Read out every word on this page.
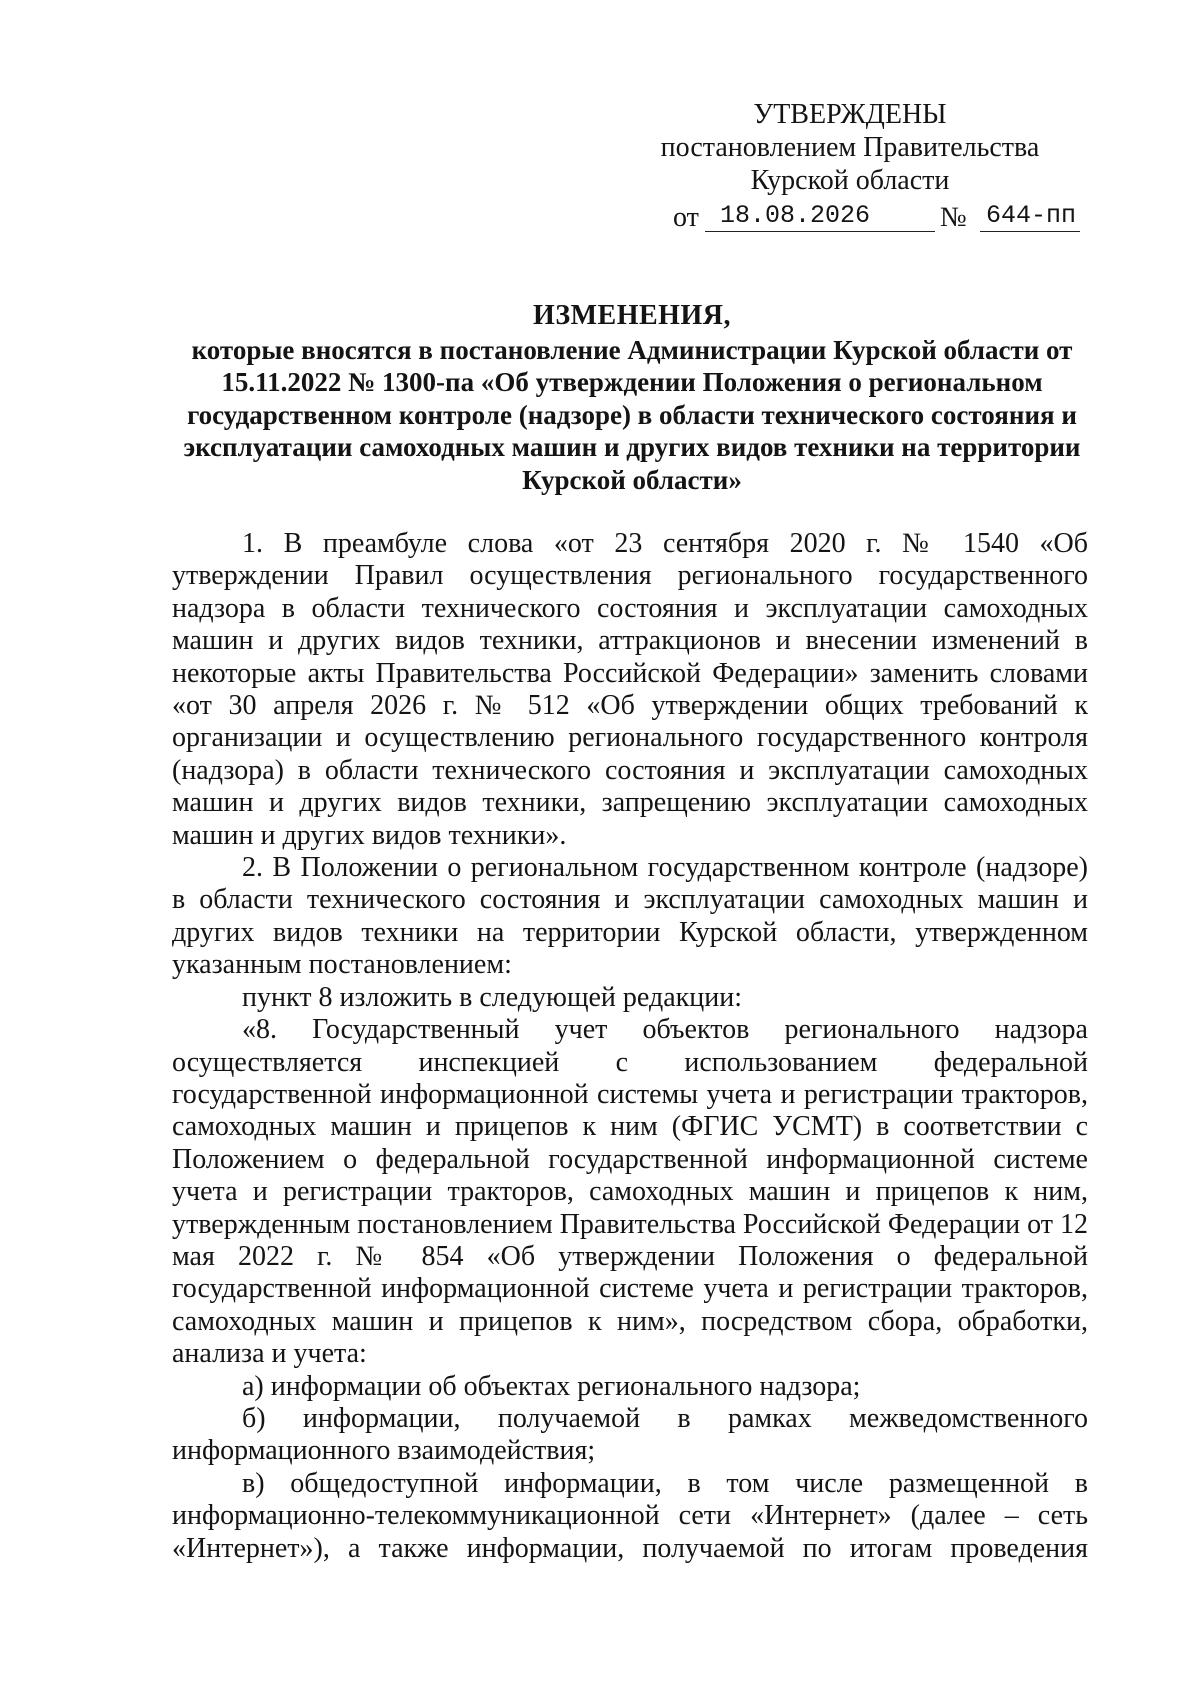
УТВЕРЖДЕНЫ
постановлением Правительства
Курской области
от 18.08.2026	№ 644-пп
ИЗМЕНЕНИЯ,
которые вносятся в постановление Администрации Курской области от 15.11.2022 № 1300-па «Об утверждении Положения о региональном государственном контроле (надзоре) в области технического состояния и эксплуатации самоходных машин и других видов техники на территории Курской области»

1. В преамбуле слова «от 23 сентября 2020 г. № 1540 «Об утверждении Правил осуществления регионального государственного надзора в области технического состояния и эксплуатации самоходных машин и других видов техники, аттракционов и внесении изменений в некоторые акты Правительства Российской Федерации» заменить словами «от 30 апреля 2026 г. № 512 «Об утверждении общих требований к организации и осуществлению регионального государственного контроля (надзора) в области технического состояния и эксплуатации самоходных машин и других видов техники, запрещению эксплуатации самоходных машин и других видов техники».

2. В Положении о региональном государственном контроле (надзоре) в области технического состояния и эксплуатации самоходных машин и других видов техники на территории Курской области, утвержденном указанным постановлением:

пункт 8 изложить в следующей редакции:

«8. Государственный учет объектов регионального надзора осуществляется инспекцией с использованием федеральной государственной информационной системы учета и регистрации тракторов, самоходных машин и прицепов к ним (ФГИС УСМТ) в соответствии с Положением о федеральной государственной информационной системе учета и регистрации тракторов, самоходных машин и прицепов к ним, утвержденным постановлением Правительства Российской Федерации от 12 мая 2022 г. № 854 «Об утверждении Положения о федеральной государственной информационной системе учета и регистрации тракторов, самоходных машин и прицепов к ним», посредством сбора, обработки, анализа и учета:

а) информации об объектах регионального надзора;

б) информации, получаемой в рамках межведомственного информационного взаимодействия;

в) общедоступной информации, в том числе размещенной в информационно-телекоммуникационной сети «Интернет» (далее – сеть «Интернет»), а также информации, получаемой по итогам проведения
